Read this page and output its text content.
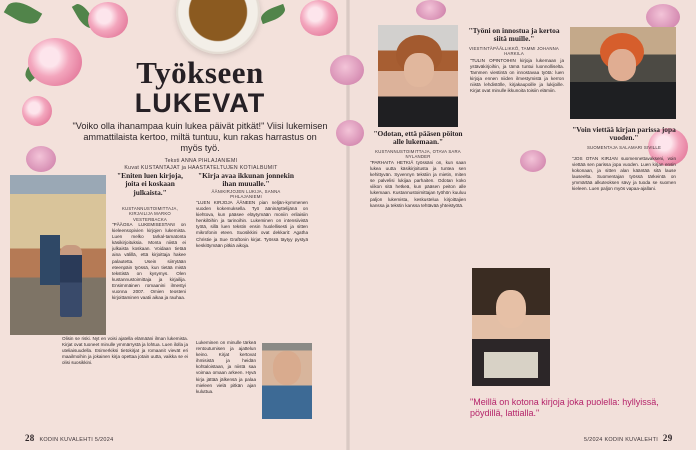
Työkseen
LUKEVAT
"Voiko olla ihanampaa kuin lukea päivät pitkät!" Viisi lukemisen ammattilaista kertoo, miltä tuntuu, kun rakas harrastus on myös työ.
Teksti ANNA PIHLAJANIEMI
Kuvat KUSTANTAJAT ja HAASTATELTUJEN KOTIALBUMIT
"Eniten luen kirjoja, joita ei koskaan julkaista."
KUSTANNUSTOIMITTAJA, KIRJAILIJA MARKO VESTERBACKA
"Kirja avaa ikkunan jonnekin ihan muualle."
ÄÄNIKIRJOJEN LUKIJA, SANNA PIHLAJANIEMI
"Odotan, että pääsen pöiton alle lukemaan."
KUSTANNUSTOIMITTAJA, OTAVA SARA NYLANDER
"Työni on innostua ja kertoa siitä muille."
VIESTINTÄPÄÄLLIKKÖ, TAMMI JOHANNA HARKILA
"Voin viettää kirjan parissa jopa vuoden."
SUOMENTAJA SALAMARI SIVILLE

"PÄÄOSA LUKEMISESTANI on kieleensopivien kirjojen lukemista. Luen melko tarkal-tamatonta käsikirjoituksia. Monta niistä ei julkaista koskaan. Voidaan tietää aina välillä, että kirjoittaja hakee palautetta. Usein siirrytään eteenpäin työssä, kun tietää mistä tekstistä on kysymys. Olen kustannustoimittaja ja kirjailija. Ensimmäinen romaanini ilmestyi vuonna 2007. Omien teosteni kirjoittaminen vaatii aikaa ja rauhaa.

Olisin se riski. Nyt en voisi ajatella elämääni ilman lukemista. Kirjat ovat tuoneet minulle ymmärrystä ja lohtua. Luen ilolla ja uteliaisuudella. Esimerkiksi tietokirjat ja romaanit vievät eri maailmoihin ja jokainen kirja opettaa jotain uutta, vaikka se ei olisi suosikkini.

"LUEN KIRJOJA ÄÄNEEN pian neljän-kymmenen vuoden kokemuksella. Työ ääninäyttelijänä on kiehtova, kun pääsee eläytymään moniin erilaisiin henkilöihin ja tarinoihin. Lukeminen on intensiivistä työtä, sillä luen tekstin ensin huolellisesti ja sitten mikrofonin eteen. Suosikkini ovat dekkarit: Agatha Christie ja Sue Graftonin kirjat. Työssä täytyy pystyä keskittymään pitkiä aikoja.

Lukeminen on minulle tärkeä rentoutumisen ja ajattelun keino. Kirjat kertovat ihmisistä ja heidän kohtaloistaan, ja niistä saa voimaa omaan arkeen. Hyvä kirja jättää jälkensä ja palaa mieleen vielä pitkän ajan kuluttua.

"PARHAITA HETKIÄ työssäni on, kun saan lukea uutta käsikirjoitusta ja tuntea sen kehittyvän. Syvennyn tekstiin ja mietin, miten se palvelisi lukijaa parhaiten. Odotan koko viikon sitä hetkeä, kun pääsen peiton alle lukemaan. Kustannustoimittajan työhön kuuluu paljon lukemista, keskustelua kirjoittajien kanssa ja tekstin kanssa tehtävää yhteistyötä.

"TULIN OPINTOIHIN kirjoja lukemaan ja ystäväkirjoihin, ja tämä tuntui luonnolliselta. Tammen viestintä on innostavaa työtä: luen kirjoja ennen niiden ilmestymistä ja kerron niistä lehdistölle, kirjakaupoille ja lukijoille. Kirjat ovat minulle ikkunoita toisiin elämiin.

"JOS OTAN KIRJAN suomennettavakseni, voin viettää sen parissa jopa vuoden. Luen kirjan ensin kokonaan, ja sitten alan kääntää sitä lause lauseelta. Suomentajan työssä tärkeintä on ymmärtää alkuteoksen sävy ja tuoda se suomen kieleen. Luen paljon myös vapaa-ajallani.

"Meillä on kotona kirjoja joka puolella: hyllyissä, pöydillä, lattialla."
28 KODIN KUVALEHTI 5/2024	5/2024 KODIN KUVALEHTI 29
